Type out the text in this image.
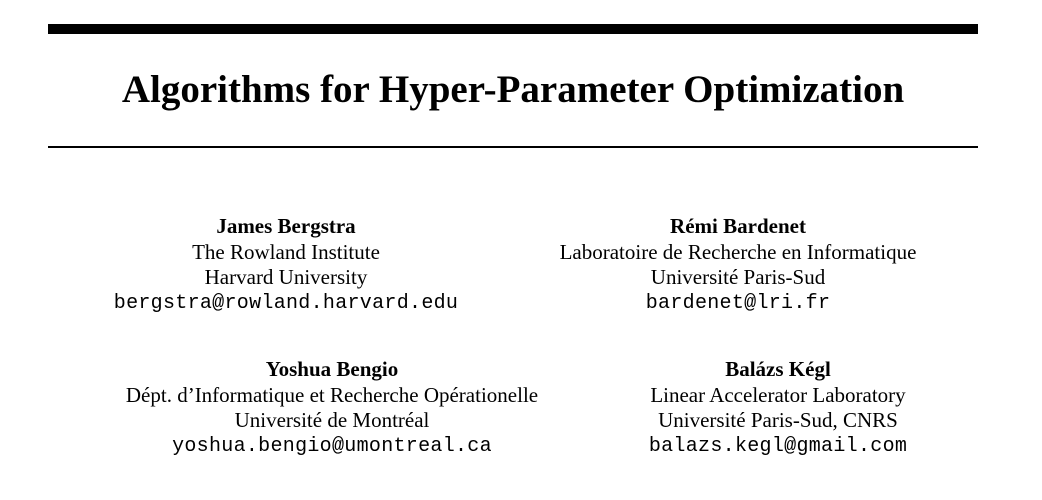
Algorithms for Hyper-Parameter Optimization
James Bergstra
The Rowland Institute
Harvard University
bergstra@rowland.harvard.edu
Rémi Bardenet
Laboratoire de Recherche en Informatique
Université Paris-Sud
bardenet@lri.fr
Yoshua Bengio
Dépt. d’Informatique et Recherche Opérationelle
Université de Montréal
yoshua.bengio@umontreal.ca
Balázs Kégl
Linear Accelerator Laboratory
Université Paris-Sud, CNRS
balazs.kegl@gmail.com
